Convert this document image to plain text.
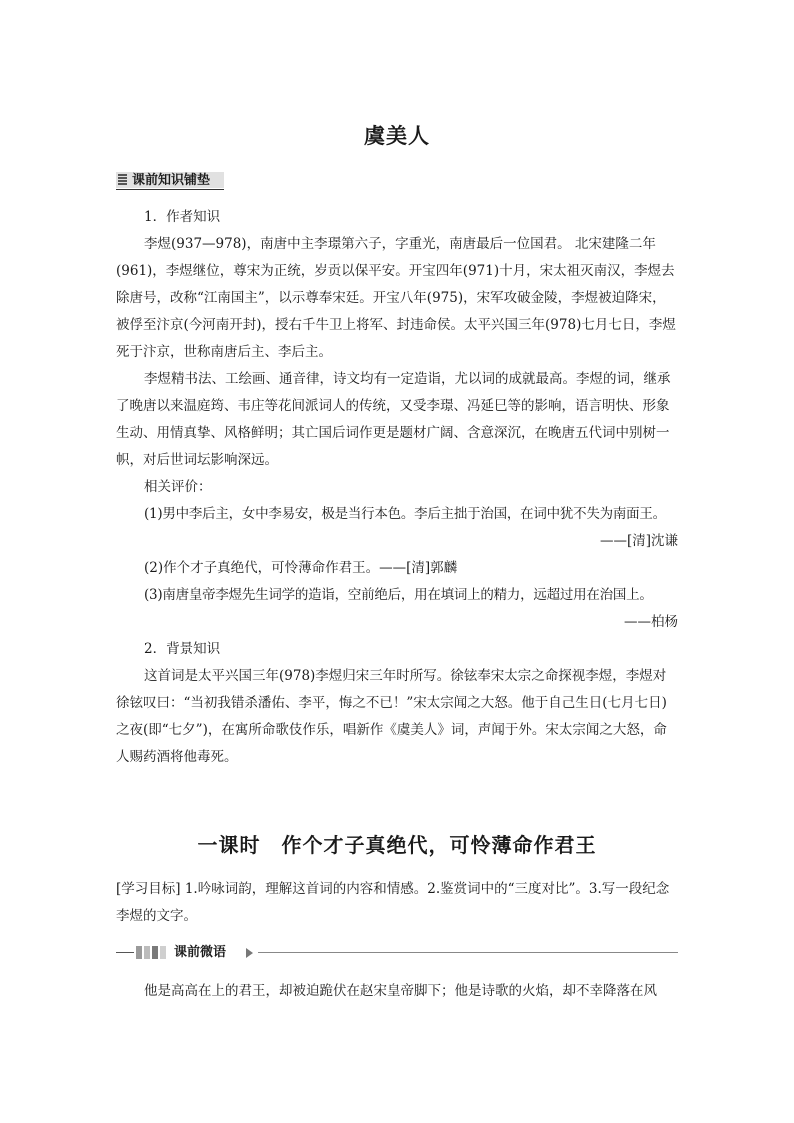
虞美人
课前知识铺垫

1．作者知识

李煜(937—978)，南唐中主李璟第六子，字重光，南唐最后一位国君。 北宋建隆二年(961)，李煜继位，尊宋为正统，岁贡以保平安。开宝四年(971)十月，宋太祖灭南汉，李煜去除唐号，改称“江南国主”，以示尊奉宋廷。开宝八年(975)，宋军攻破金陵，李煜被迫降宋，被俘至汴京(今河南开封)，授右千牛卫上将军、封违命侯。太平兴国三年(978)七月七日，李煜死于汴京，世称南唐后主、李后主。

李煜精书法、工绘画、通音律，诗文均有一定造诣，尤以词的成就最高。李煜的词，继承了晚唐以来温庭筠、韦庄等花间派词人的传统，又受李璟、冯延巳等的影响，语言明快、形象生动、用情真挚、风格鲜明；其亡国后词作更是题材广阔、含意深沉，在晚唐五代词中别树一帜，对后世词坛影响深远。

相关评价：

(1)男中李后主，女中李易安，极是当行本色。李后主拙于治国，在词中犹不失为南面王。

——[清]沈谦

(2)作个才子真绝代，可怜薄命作君王。——[清]郭麟

(3)南唐皇帝李煜先生词学的造诣，空前绝后，用在填词上的精力，远超过用在治国上。

——柏杨

2．背景知识

这首词是太平兴国三年(978)李煜归宋三年时所写。徐铉奉宋太宗之命探视李煜，李煜对徐铉叹曰：“当初我错杀潘佑、李平，悔之不已！”宋太宗闻之大怒。他于自己生日(七月七日)之夜(即“七夕”)，在寓所命歌伎作乐，唱新作《虞美人》词，声闻于外。宋太宗闻之大怒，命人赐药酒将他毒死。

一课时　作个才子真绝代，可怜薄命作君王
[学习目标] 1.吟咏词韵，理解这首词的内容和情感。2.鉴赏词中的“三度对比”。3.写一段纪念李煜的文字。
课前微语
他是高高在上的君王，却被迫跪伏在赵宋皇帝脚下；他是诗歌的火焰，却不幸降落在风
